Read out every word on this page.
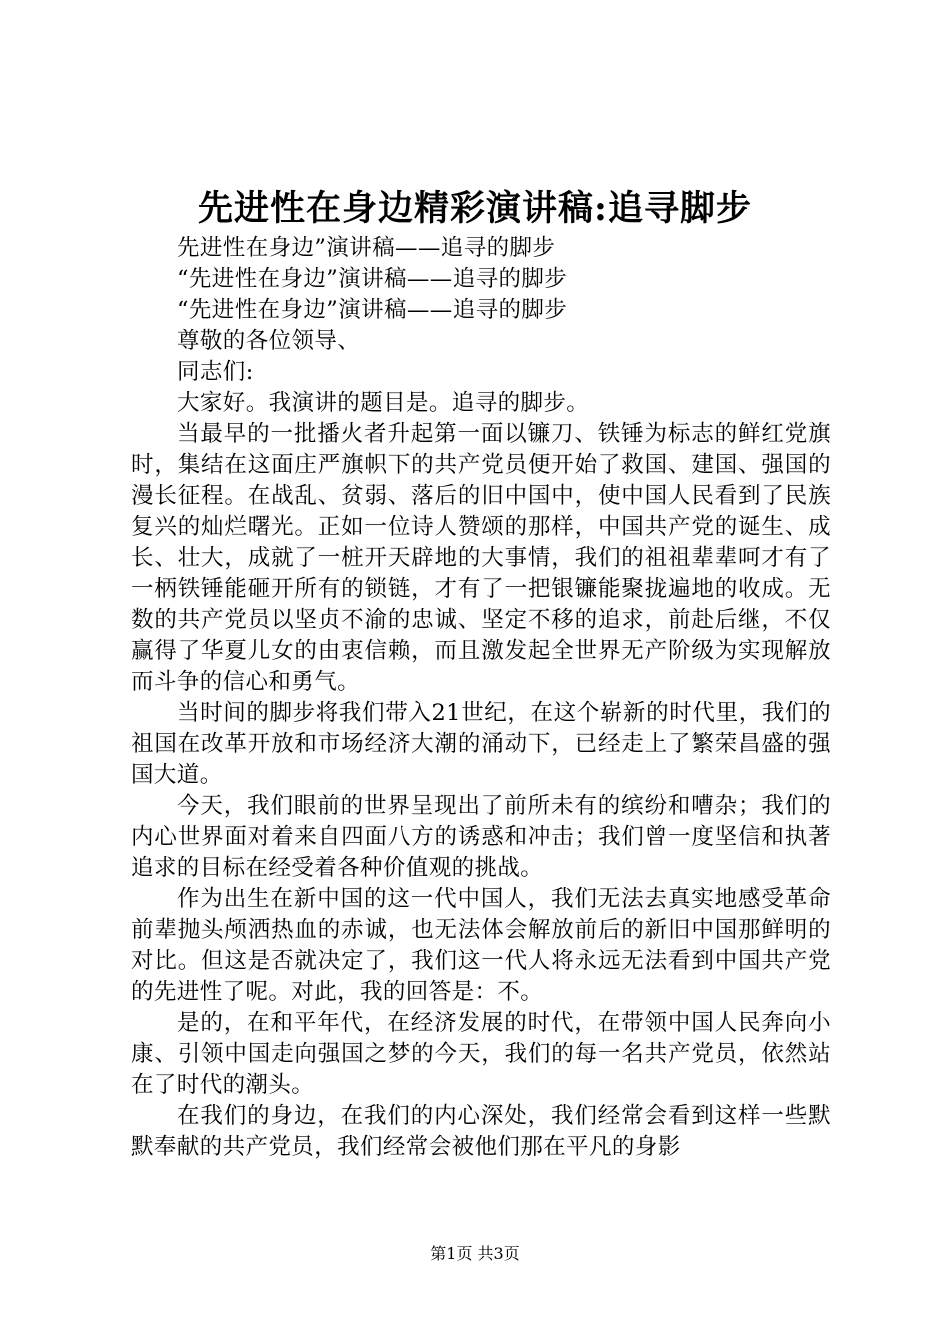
先进性在身边精彩演讲稿:追寻脚步

先进性在身边”演讲稿——追寻的脚步

“先进性在身边”演讲稿——追寻的脚步

“先进性在身边”演讲稿——追寻的脚步

尊敬的各位领导、

同志们:

大家好。我演讲的题目是。追寻的脚步。

当最早的一批播火者升起第一面以镰刀、铁锤为标志的鲜红党旗时，集结在这面庄严旗帜下的共产党员便开始了救国、建国、强国的漫长征程。在战乱、贫弱、落后的旧中国中，使中国人民看到了民族复兴的灿烂曙光。正如一位诗人赞颂的那样，中国共产党的诞生、成长、壮大，成就了一桩开天辟地的大事情，我们的祖祖辈辈呵才有了一柄铁锤能砸开所有的锁链，才有了一把银镰能聚拢遍地的收成。无数的共产党员以坚贞不渝的忠诚、坚定不移的追求，前赴后继，不仅赢得了华夏儿女的由衷信赖，而且激发起全世界无产阶级为实现解放而斗争的信心和勇气。

当时间的脚步将我们带入21世纪，在这个崭新的时代里，我们的祖国在改革开放和市场经济大潮的涌动下，已经走上了繁荣昌盛的强国大道。

今天，我们眼前的世界呈现出了前所未有的缤纷和嘈杂；我们的内心世界面对着来自四面八方的诱惑和冲击；我们曾一度坚信和执著追求的目标在经受着各种价值观的挑战。

作为出生在新中国的这一代中国人，我们无法去真实地感受革命前辈抛头颅洒热血的赤诚，也无法体会解放前后的新旧中国那鲜明的对比。但这是否就决定了，我们这一代人将永远无法看到中国共产党的先进性了呢。对此，我的回答是：不。

是的，在和平年代，在经济发展的时代，在带领中国人民奔向小康、引领中国走向强国之梦的今天，我们的每一名共产党员，依然站在了时代的潮头。

在我们的身边，在我们的内心深处，我们经常会看到这样一些默默奉献的共产党员，我们经常会被他们那在平凡的身影

第1页 共3页
